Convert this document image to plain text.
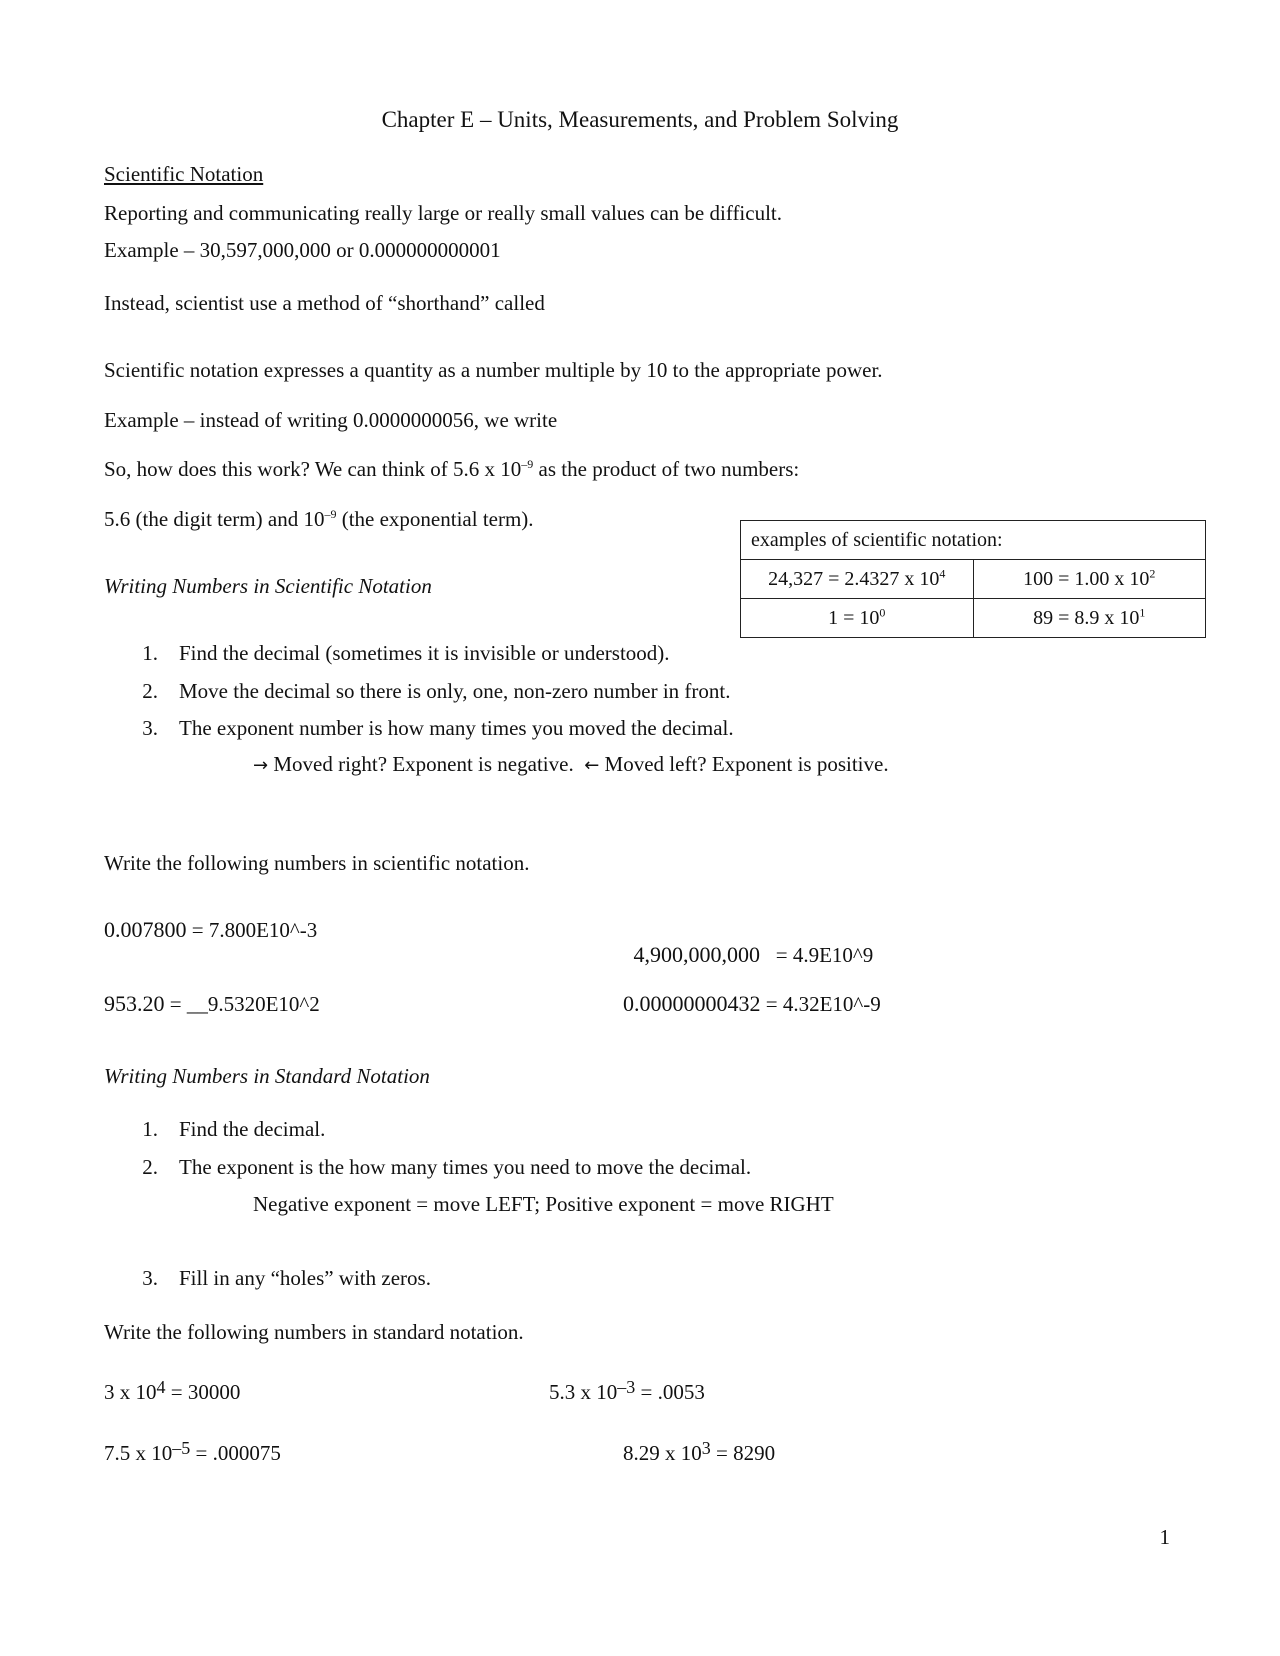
Chapter E – Units, Measurements, and Problem Solving
Scientific Notation
Reporting and communicating really large or really small values can be difficult.
Example – 30,597,000,000 or 0.000000000001
Instead, scientist use a method of “shorthand” called
Scientific notation expresses a quantity as a number multiple by 10 to the appropriate power.
Example – instead of writing 0.0000000056, we write
So, how does this work? We can think of 5.6 x $10^{-9}$ as the product of two numbers:
5.6 (the digit term) and $10^{-9}$ (the exponential term).
examples of scientific notation:	
24,327 = 2.4327 x $10^4$	100 = 1.00 x $10^2$
$1 = 10^0$	89 = 8.9 x $10^1$
Writing Numbers in Scientific Notation
1. Find the decimal (sometimes it is invisible or understood).
2. Move the decimal so there is only, one, non-zero number in front.
3. The exponent number is how many times you moved the decimal.
→ Moved right? Exponent is negative. ← Moved left? Exponent is positive.
Write the following numbers in scientific notation.
0.007800 = 7.800E10^-3

4,900,000,000   = 4.9E10^9

953.20 = __9.5320E10^2	0.00000000432 = 4.32E10^-9
Writing Numbers in Standard Notation
1. Find the decimal.
2. The exponent is the how many times you need to move the decimal.
Negative exponent = move LEFT; Positive exponent = move RIGHT
3. Fill in any “holes” with zeros.
Write the following numbers in standard notation.
3 x 104 = 30000	5.3 x 10–3 = .0053
7.5 x 10–5 = .000075	8.29 x 103 = 8290
1
